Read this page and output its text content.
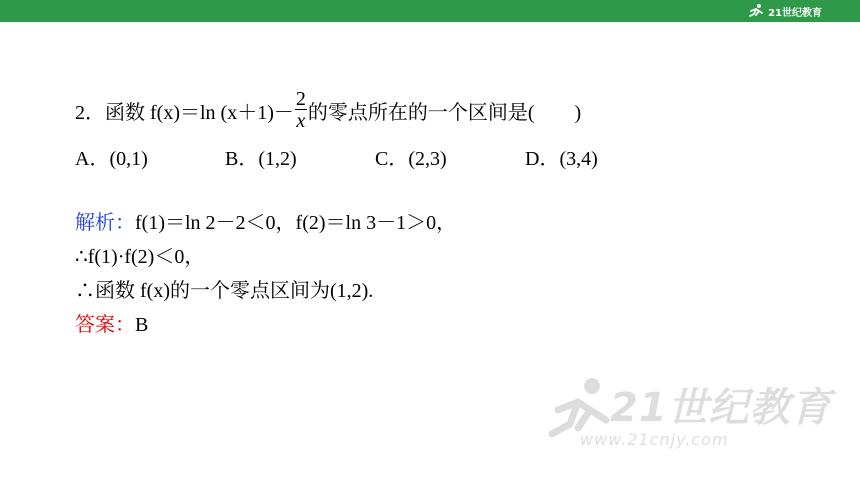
21世纪教育
21世纪教育
www.21cnjy.com
2． 函数 f(x)＝ln $(x+1)- \frac{2}{x}$ 的零点所在的一个区间是(　　)
A．(0,1)	B．(1,2)	C．(2,3)	D．(3,4)
解析：f(1)＝ln 2－2＜0，f(2)＝ln 3－1＞0，
∴f(1)·f(2)＜0，
∴函数 f(x)的一个零点区间为(1,2).
答案：B
